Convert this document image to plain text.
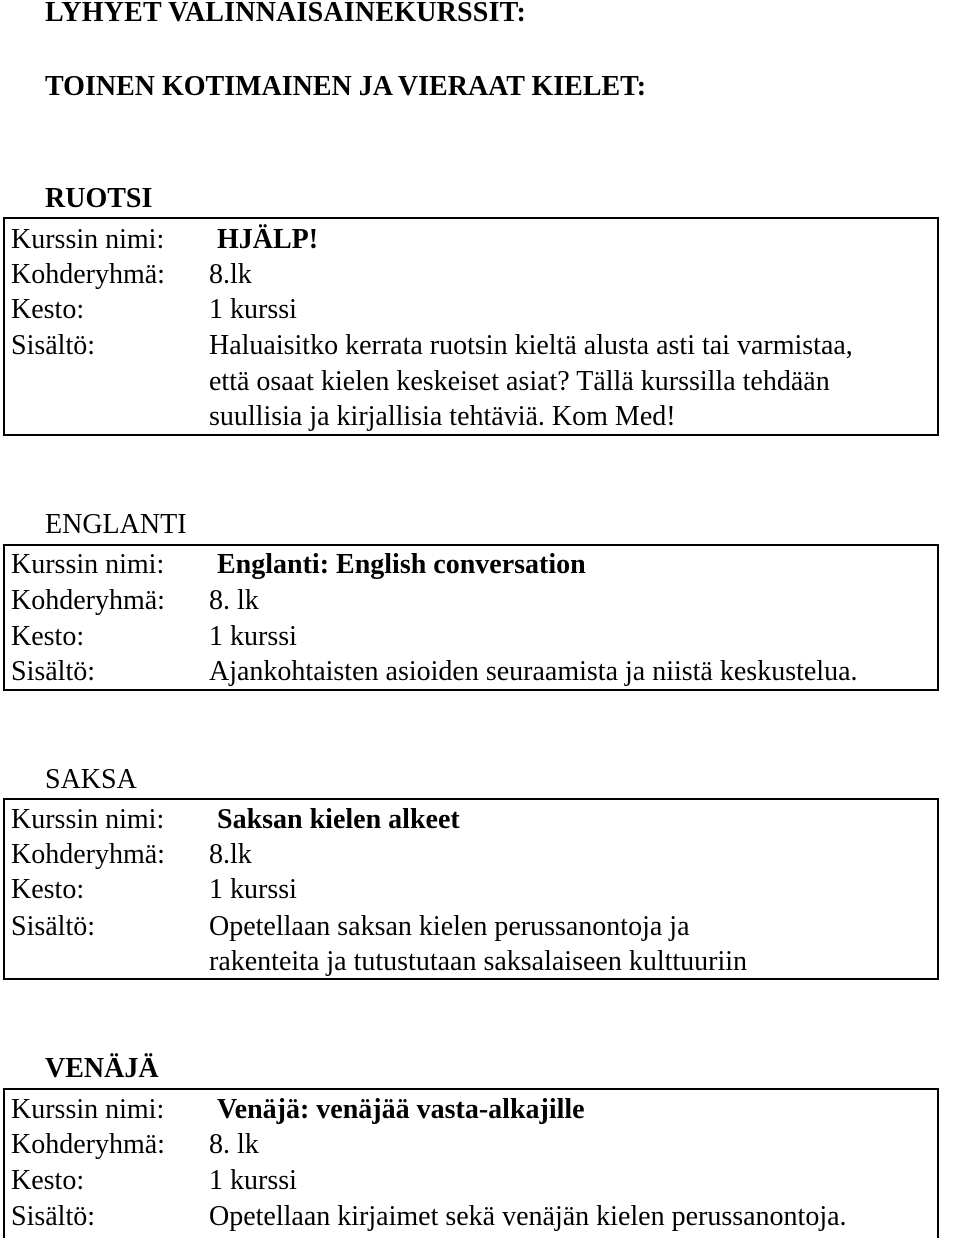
LYHYET VALINNAISAINEKURSSIT:
TOINEN KOTIMAINEN JA VIERAAT KIELET:
RUOTSI
Kurssin nimi: HJÄLP!
Kohderyhmä: 8.lk
Kesto:	1 kurssi
Sisältö:	Haluaisitko kerrata ruotsin kieltä alusta asti tai varmistaa,
että osaat kielen keskeiset asiat? Tällä kurssilla tehdään
suullisia ja kirjallisia tehtäviä. Kom Med!
ENGLANTI
Kurssin nimi: Englanti: English conversation
Kohderyhmä: 8. lk
Kesto:	1 kurssi
Sisältö:	Ajankohtaisten asioiden seuraamista ja niistä keskustelua.
SAKSA
Kurssin nimi: Saksan kielen alkeet
Kohderyhmä: 8.lk
Kesto:	1 kurssi
Sisältö:	Opetellaan saksan kielen perussanontoja ja
rakenteita ja tutustutaan saksalaiseen kulttuuriin
VENÄJÄ
Kurssin nimi: Venäjä: venäjää vasta-alkajille
Kohderyhmä: 8. lk
Kesto:	1 kurssi
Sisältö:	Opetellaan kirjaimet sekä venäjän kielen perussanontoja.
